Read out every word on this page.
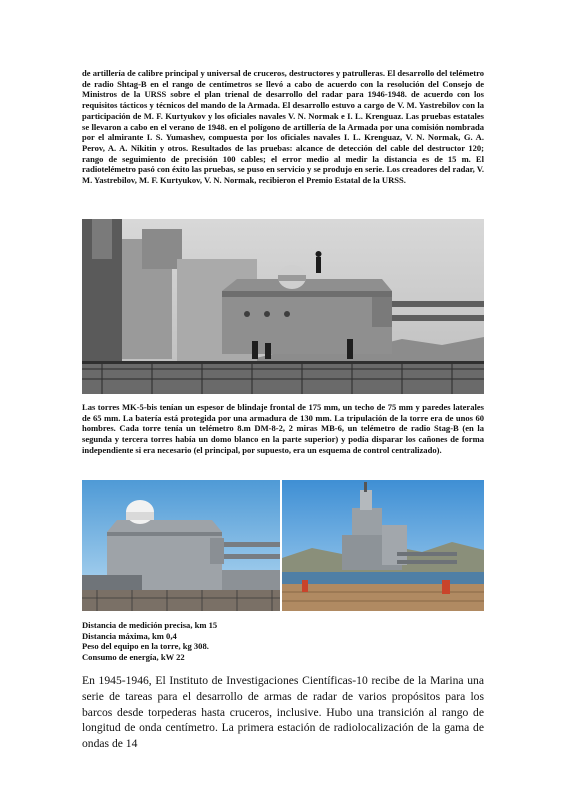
de artillería de calibre principal y universal de cruceros, destructores y patrulleras. El desarrollo del telémetro de radio Shtag-B en el rango de centímetros se llevó a cabo de acuerdo con la resolución del Consejo de Ministros de la URSS sobre el plan trienal de desarrollo del radar para 1946-1948. de acuerdo con los requisitos tácticos y técnicos del mando de la Armada. El desarrollo estuvo a cargo de V. M. Yastrebilov con la participación de M. F. Kurtyukov y los oficiales navales V. N. Normak e I. L. Krenguaz. Las pruebas estatales se llevaron a cabo en el verano de 1948. en el polígono de artillería de la Armada por una comisión nombrada por el almirante I. S. Yumashev, compuesta por los oficiales navales I. L. Krenguaz, V. N. Normak, G. A. Perov, A. A. Nikitin y otros. Resultados de las pruebas: alcance de detección del cable del destructor 120; rango de seguimiento de precisión 100 cables; el error medio al medir la distancia es de 15 m. El radiotelémetro pasó con éxito las pruebas, se puso en servicio y se produjo en serie. Los creadores del radar, V. M. Yastrebilov, M. F. Kurtyukov, V. N. Normak, recibieron el Premio Estatal de la URSS.

Las torres MK-5-bis tenían un espesor de blindaje frontal de 175 mm, un techo de 75 mm y paredes laterales de 65 mm. La batería está protegida por una armadura de 130 mm. La tripulación de la torre era de unos 60 hombres. Cada torre tenía un telémetro 8.m DM-8-2, 2 miras MB-6, un telémetro de radio Stag-B (en la segunda y tercera torres había un domo blanco en la parte superior) y podía disparar los cañones de forma independiente si era necesario (el principal, por supuesto, era un esquema de control centralizado).

Distancia de medición precisa, km 15
Distancia máxima, km 0,4
Peso del equipo en la torre, kg 308.
Consumo de energía, kW 22

En 1945-1946, El Instituto de Investigaciones Científicas-10 recibe de la Marina una serie de tareas para el desarrollo de armas de radar de varios propósitos para los barcos desde torpederas hasta cruceros, inclusive. Hubo una transición al rango de longitud de onda centímetro. La primera estación de radiolocalización de la gama de ondas de 14
